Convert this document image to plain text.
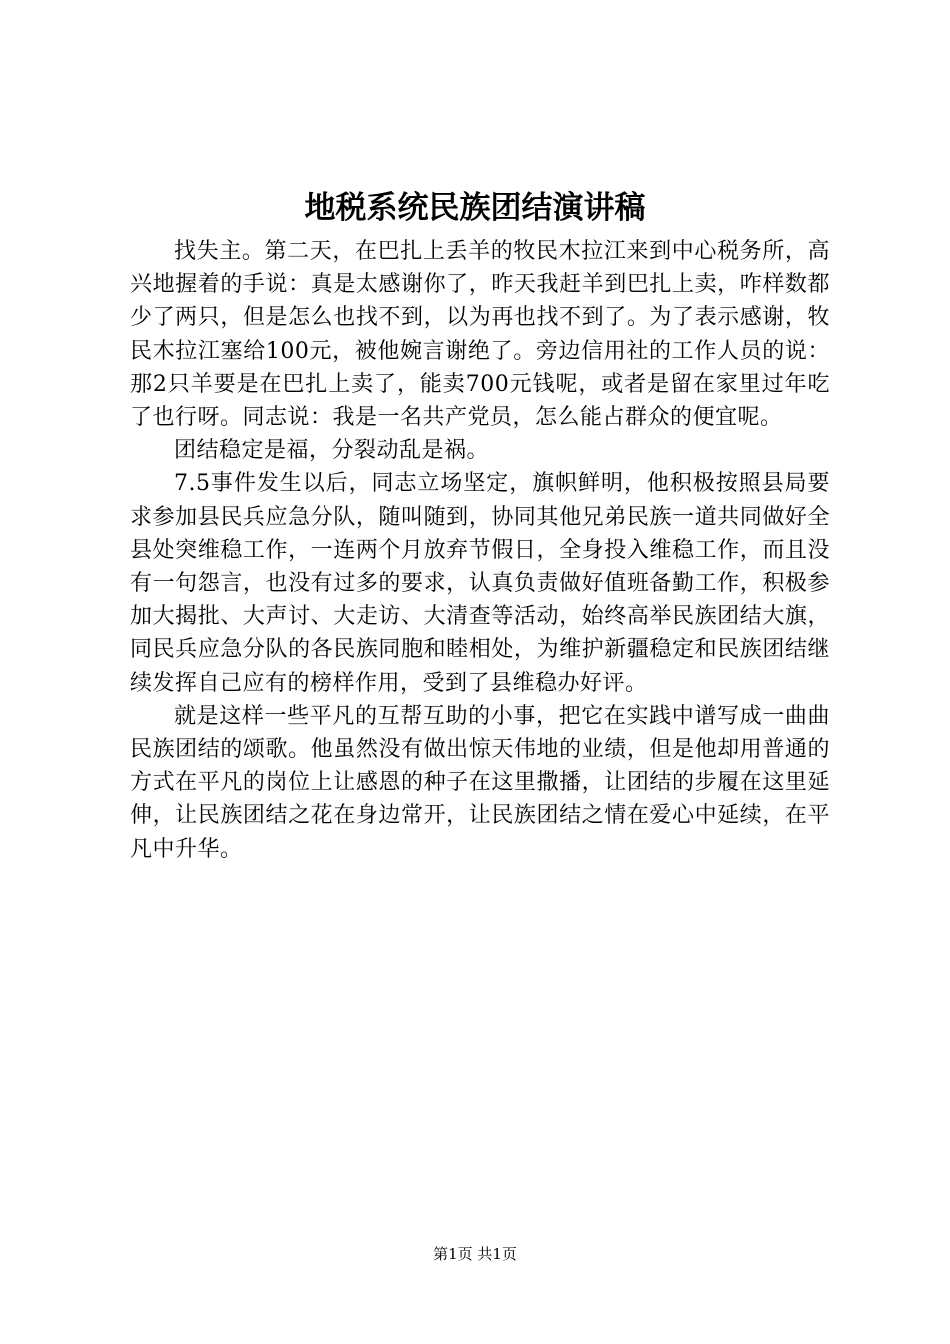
地税系统民族团结演讲稿

找失主。第二天，在巴扎上丢羊的牧民木拉江来到中心税务所，高兴地握着的手说：真是太感谢你了，昨天我赶羊到巴扎上卖，咋样数都少了两只，但是怎么也找不到，以为再也找不到了。为了表示感谢，牧民木拉江塞给100元，被他婉言谢绝了。旁边信用社的工作人员的说：那2只羊要是在巴扎上卖了，能卖700元钱呢，或者是留在家里过年吃了也行呀。同志说：我是一名共产党员，怎么能占群众的便宜呢。

团结稳定是福，分裂动乱是祸。

7.5事件发生以后，同志立场坚定，旗帜鲜明，他积极按照县局要求参加县民兵应急分队，随叫随到，协同其他兄弟民族一道共同做好全县处突维稳工作，一连两个月放弃节假日，全身投入维稳工作，而且没有一句怨言，也没有过多的要求，认真负责做好值班备勤工作，积极参加大揭批、大声讨、大走访、大清查等活动，始终高举民族团结大旗，同民兵应急分队的各民族同胞和睦相处，为维护新疆稳定和民族团结继续发挥自己应有的榜样作用，受到了县维稳办好评。

就是这样一些平凡的互帮互助的小事，把它在实践中谱写成一曲曲民族团结的颂歌。他虽然没有做出惊天伟地的业绩，但是他却用普通的方式在平凡的岗位上让感恩的种子在这里撒播，让团结的步履在这里延伸，让民族团结之花在身边常开，让民族团结之情在爱心中延续，在平凡中升华。

第1页 共1页
